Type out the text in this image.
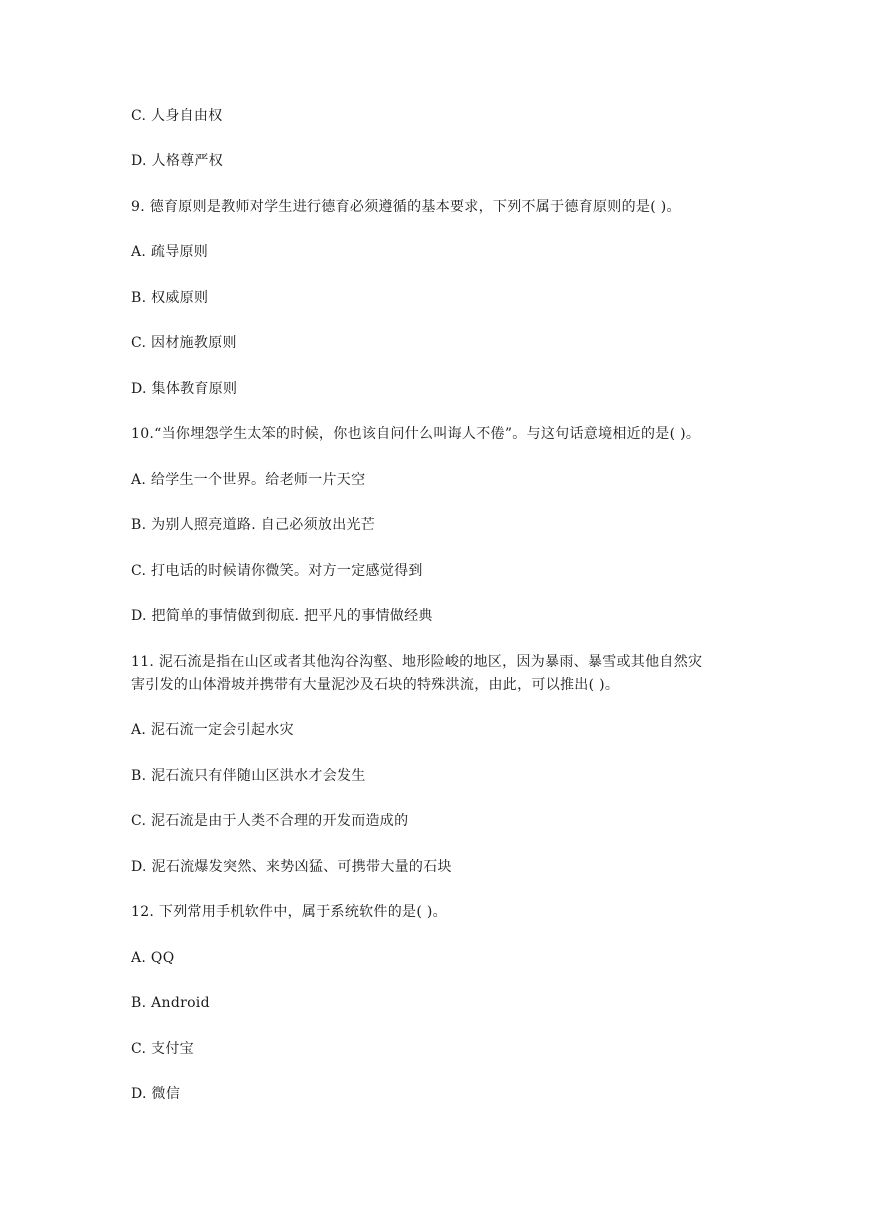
C. 人身自由权
D. 人格尊严权
9. 德育原则是教师对学生进行德育必须遵循的基本要求，下列不属于德育原则的是( )。
A. 疏导原则
B. 权威原则
C. 因材施教原则
D. 集体教育原则
10.“当你埋怨学生太笨的时候，你也该自问什么叫诲人不倦”。与这句话意境相近的是( )。
A. 给学生一个世界。给老师一片天空
B. 为别人照亮道路. 自己必须放出光芒
C. 打电话的时候请你微笑。对方一定感觉得到
D. 把简单的事情做到彻底. 把平凡的事情做经典
11. 泥石流是指在山区或者其他沟谷沟壑、地形险峻的地区，因为暴雨、暴雪或其他自然灾
害引发的山体滑坡并携带有大量泥沙及石块的特殊洪流，由此，可以推出( )。
A. 泥石流一定会引起水灾
B. 泥石流只有伴随山区洪水才会发生
C. 泥石流是由于人类不合理的开发而造成的
D. 泥石流爆发突然、来势凶猛、可携带大量的石块
12. 下列常用手机软件中，属于系统软件的是( )。
A. QQ
B. Android
C. 支付宝
D. 微信
